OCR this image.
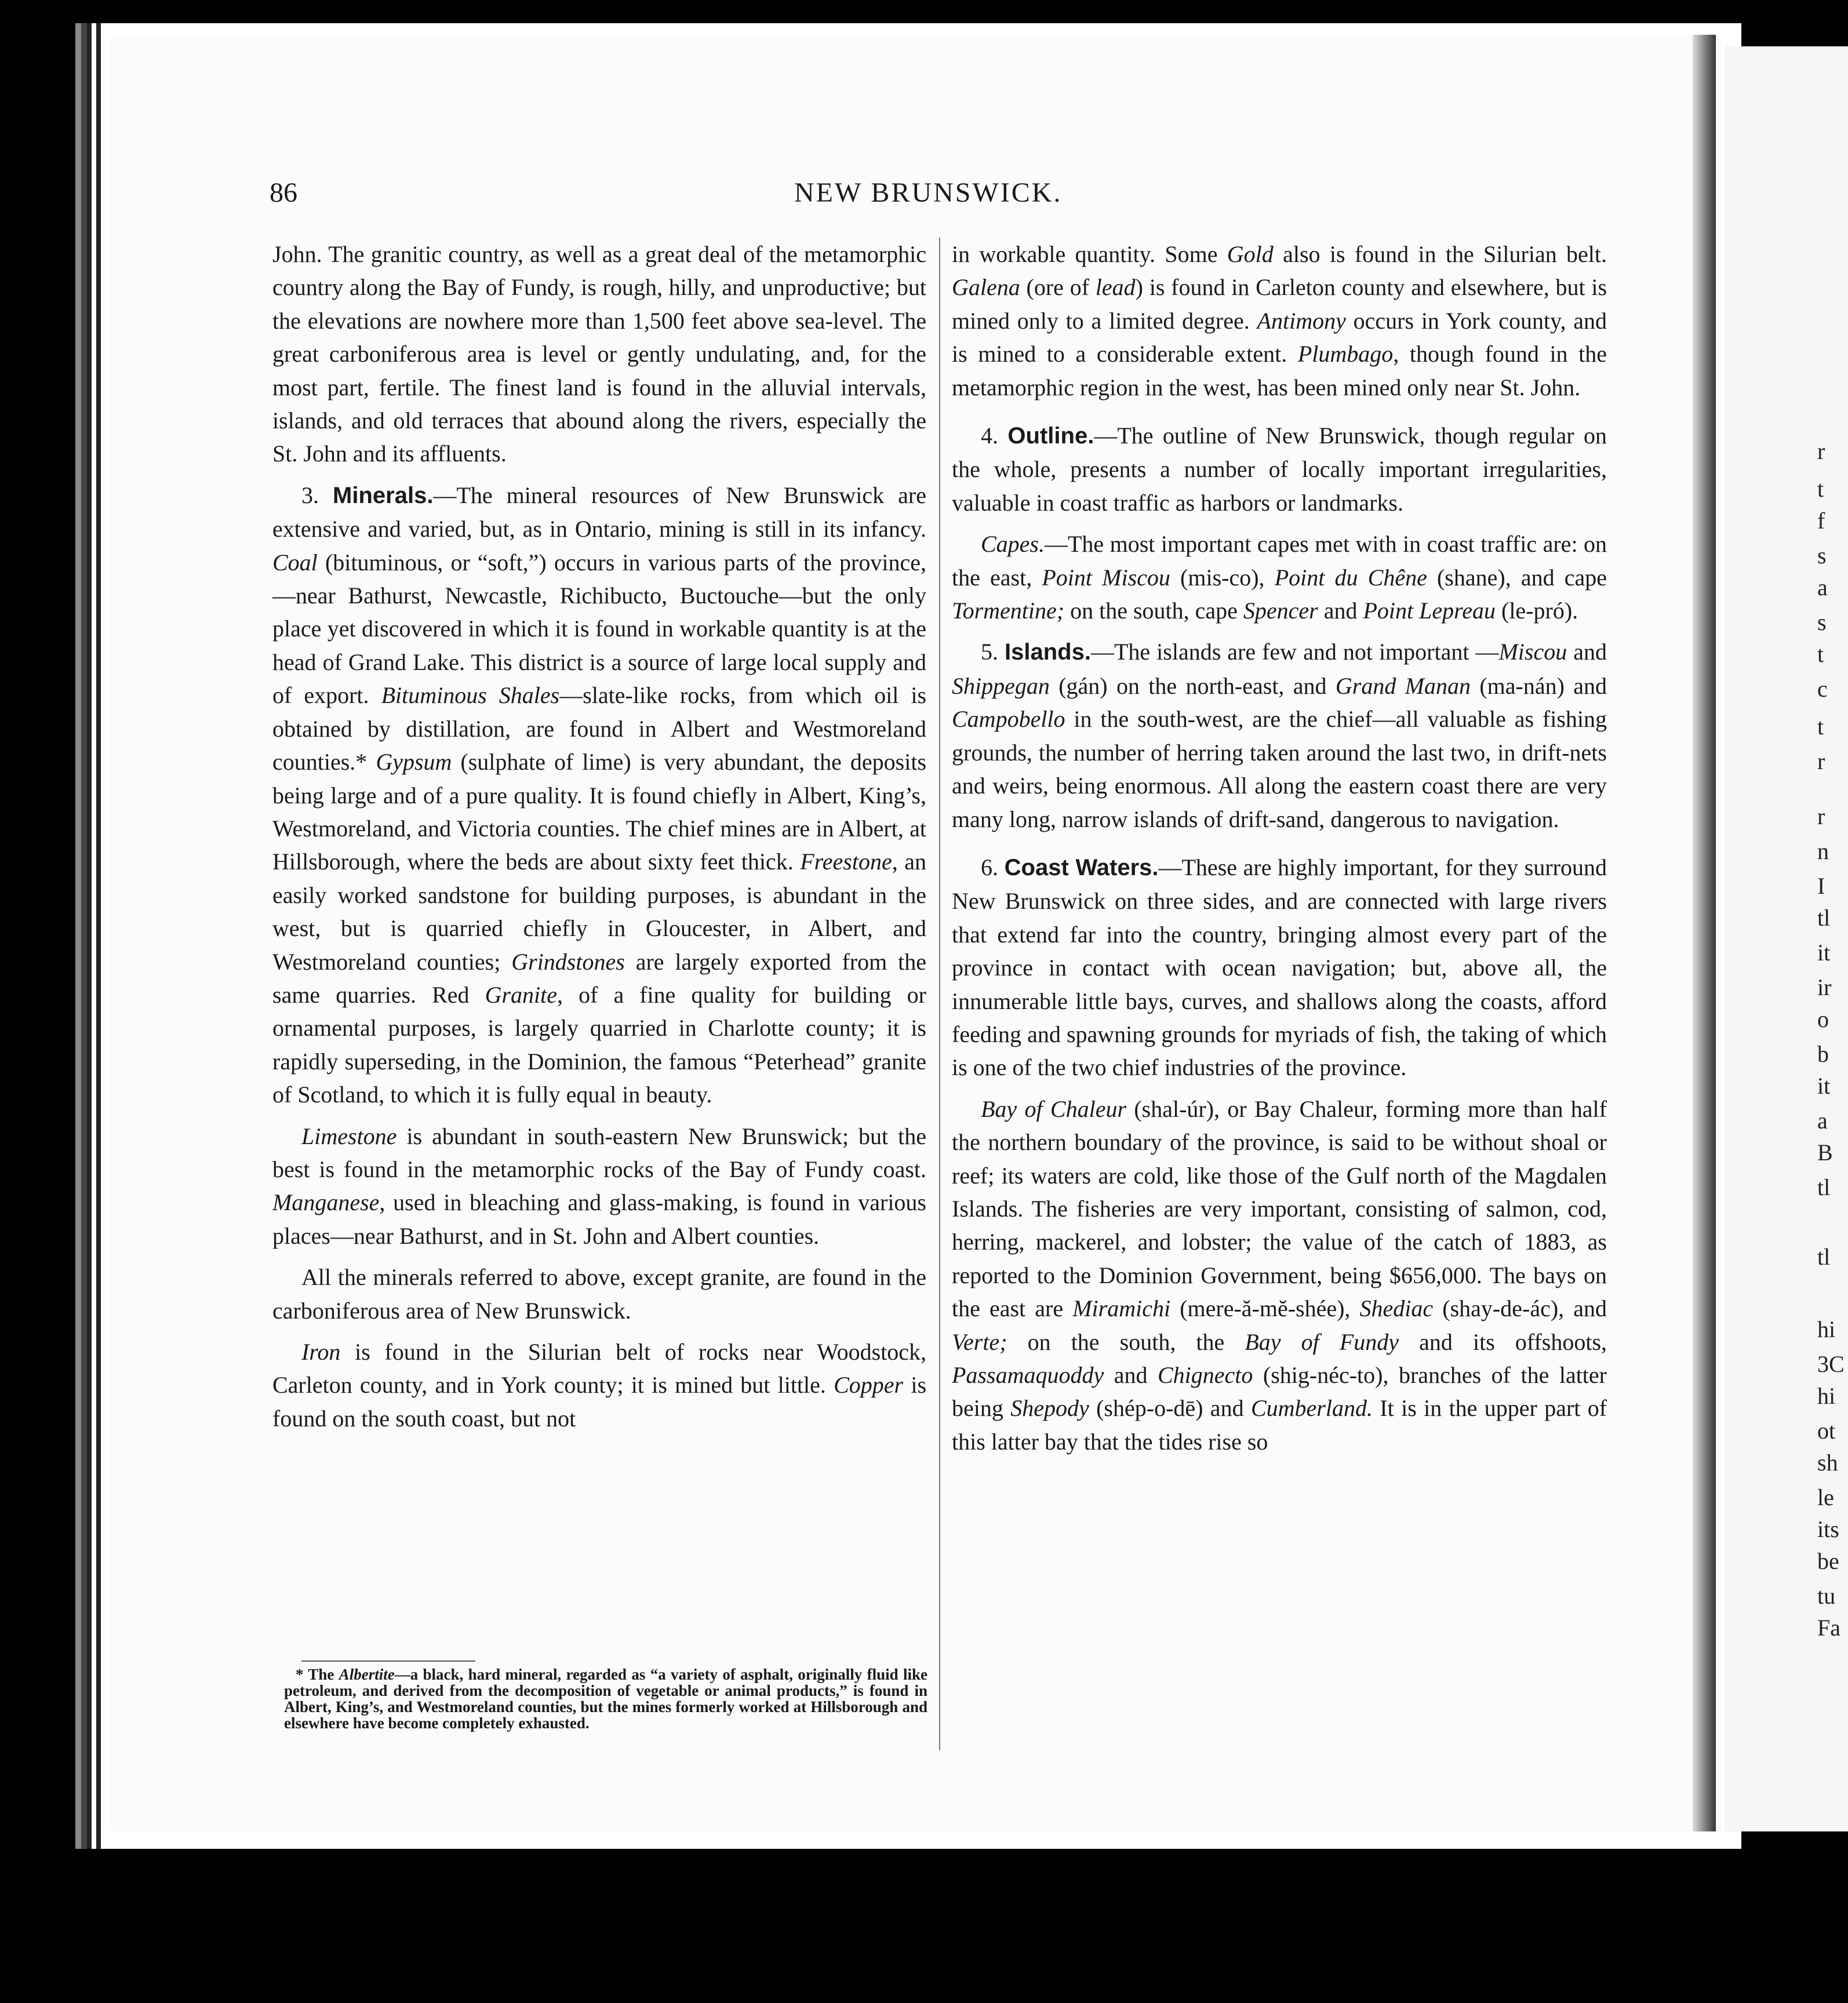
r
t
f
s
a
s
t
c
t
r
r
n
I
tl
it
ir
o
b
it
a
B
tl
tl
hi
3C
hi
ot
sh
le
its
be
tu
Fa
86	NEW BRUNSWICK.

John. The granitic country, as well as a great deal of the metamorphic country along the Bay of Fundy, is rough, hilly, and unproductive; but the elevations are nowhere more than 1,500 feet above sea-level. The great carboniferous area is level or gently undulating, and, for the most part, fertile. The finest land is found in the alluvial intervals, islands, and old terraces that abound along the rivers, especially the St. John and its affluents.

3. Minerals.—The mineral resources of New Brunswick are extensive and varied, but, as in Ontario, mining is still in its infancy. Coal (bituminous, or “soft,”) occurs in various parts of the province,—near Bathurst, Newcastle, Richibucto, Buctouche—but the only place yet discovered in which it is found in workable quantity is at the head of Grand Lake. This district is a source of large local supply and of export. Bituminous Shales—slate-like rocks, from which oil is obtained by distillation, are found in Albert and Westmoreland counties.* Gypsum (sulphate of lime) is very abundant, the deposits being large and of a pure quality. It is found chiefly in Albert, King’s, Westmoreland, and Victoria counties. The chief mines are in Albert, at Hillsborough, where the beds are about sixty feet thick. Freestone, an easily worked sandstone for building purposes, is abundant in the west, but is quarried chiefly in Gloucester, in Albert, and Westmoreland counties; Grindstones are largely exported from the same quarries. Red Granite, of a fine quality for building or ornamental purposes, is largely quarried in Charlotte county; it is rapidly superseding, in the Dominion, the famous “Peterhead” granite of Scotland, to which it is fully equal in beauty.

Limestone is abundant in south-eastern New Brunswick; but the best is found in the metamorphic rocks of the Bay of Fundy coast. Manganese, used in bleaching and glass-making, is found in various places—near Bathurst, and in St. John and Albert counties.

All the minerals referred to above, except granite, are found in the carboniferous area of New Brunswick.

Iron is found in the Silurian belt of rocks near Woodstock, Carleton county, and in York county; it is mined but little. Copper is found on the south coast, but not

* The Albertite—a black, hard mineral, regarded as “a variety of asphalt, originally fluid like petroleum, and derived from the decomposition of vegetable or animal products,” is found in Albert, King’s, and Westmoreland counties, but the mines formerly worked at Hillsborough and elsewhere have become completely exhausted.

in workable quantity. Some Gold also is found in the Silurian belt. Galena (ore of lead) is found in Carleton county and elsewhere, but is mined only to a limited degree. Antimony occurs in York county, and is mined to a considerable extent. Plumbago, though found in the metamorphic region in the west, has been mined only near St. John.

4. Outline.—The outline of New Brunswick, though regular on the whole, presents a number of locally important irregularities, valuable in coast traffic as harbors or landmarks.

Capes.—The most important capes met with in coast traffic are: on the east, Point Miscou (mis-co), Point du Chêne (shane), and cape Tormentine; on the south, cape Spencer and Point Lepreau (le-pró).

5. Islands.—The islands are few and not important —Miscou and Shippegan (gán) on the north-east, and Grand Manan (ma-nán) and Campobello in the south-west, are the chief—all valuable as fishing grounds, the number of herring taken around the last two, in drift-nets and weirs, being enormous. All along the eastern coast there are very many long, narrow islands of drift-sand, dangerous to navigation.

6. Coast Waters.—These are highly important, for they surround New Brunswick on three sides, and are connected with large rivers that extend far into the country, bringing almost every part of the province in contact with ocean navigation; but, above all, the innumerable little bays, curves, and shallows along the coasts, afford feeding and spawning grounds for myriads of fish, the taking of which is one of the two chief industries of the province.

Bay of Chaleur (shal-úr), or Bay Chaleur, forming more than half the northern boundary of the province, is said to be without shoal or reef; its waters are cold, like those of the Gulf north of the Magdalen Islands. The fisheries are very important, consisting of salmon, cod, herring, mackerel, and lobster; the value of the catch of 1883, as reported to the Dominion Government, being $656,000. The bays on the east are Miramichi (mere-ă-mĕ-shée), Shediac (shay-de-ác), and Verte; on the south, the Bay of Fundy and its offshoots, Passamaquoddy and Chignecto (shig-néc-to), branches of the latter being Shepody (shép-o-dē) and Cumberland. It is in the upper part of this latter bay that the tides rise so
